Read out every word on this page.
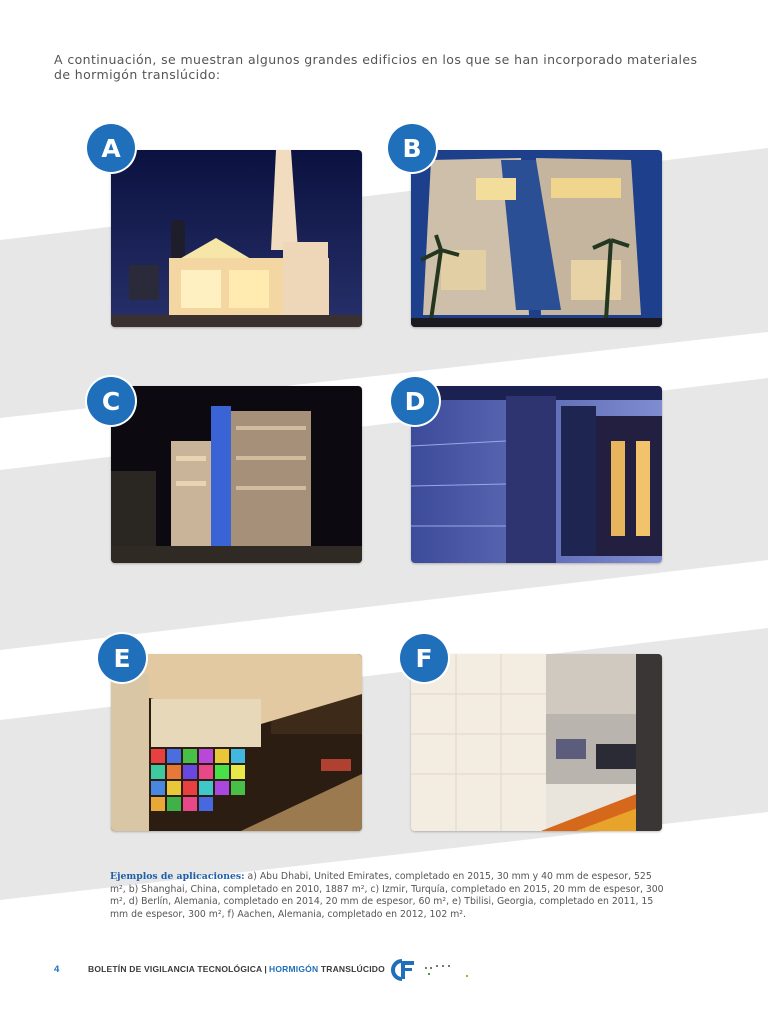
A continuación, se muestran algunos grandes edificios en los que se han incorporado materiales de hormigón translúcido:

A	B
C	D
E	F

Ejemplos de aplicaciones: a) Abu Dhabi, United Emirates, completado en 2015, 30 mm y 40 mm de espesor, 525 m², b) Shanghai, China, completado en 2010, 1887 m², c) Izmir, Turquía, completado en 2015, 20 mm de espesor, 300 m², d) Berlín, Alemania, completado en 2014, 20 mm de espesor, 60 m², e) Tbilisi, Georgia, completado en 2011, 15 mm de espesor, 300 m², f) Aachen, Alemania, completado en 2012, 102 m².

4	BOLETÍN DE VIGILANCIA TECNOLÓGICA | HORMIGÓN TRANSLÚCIDO
